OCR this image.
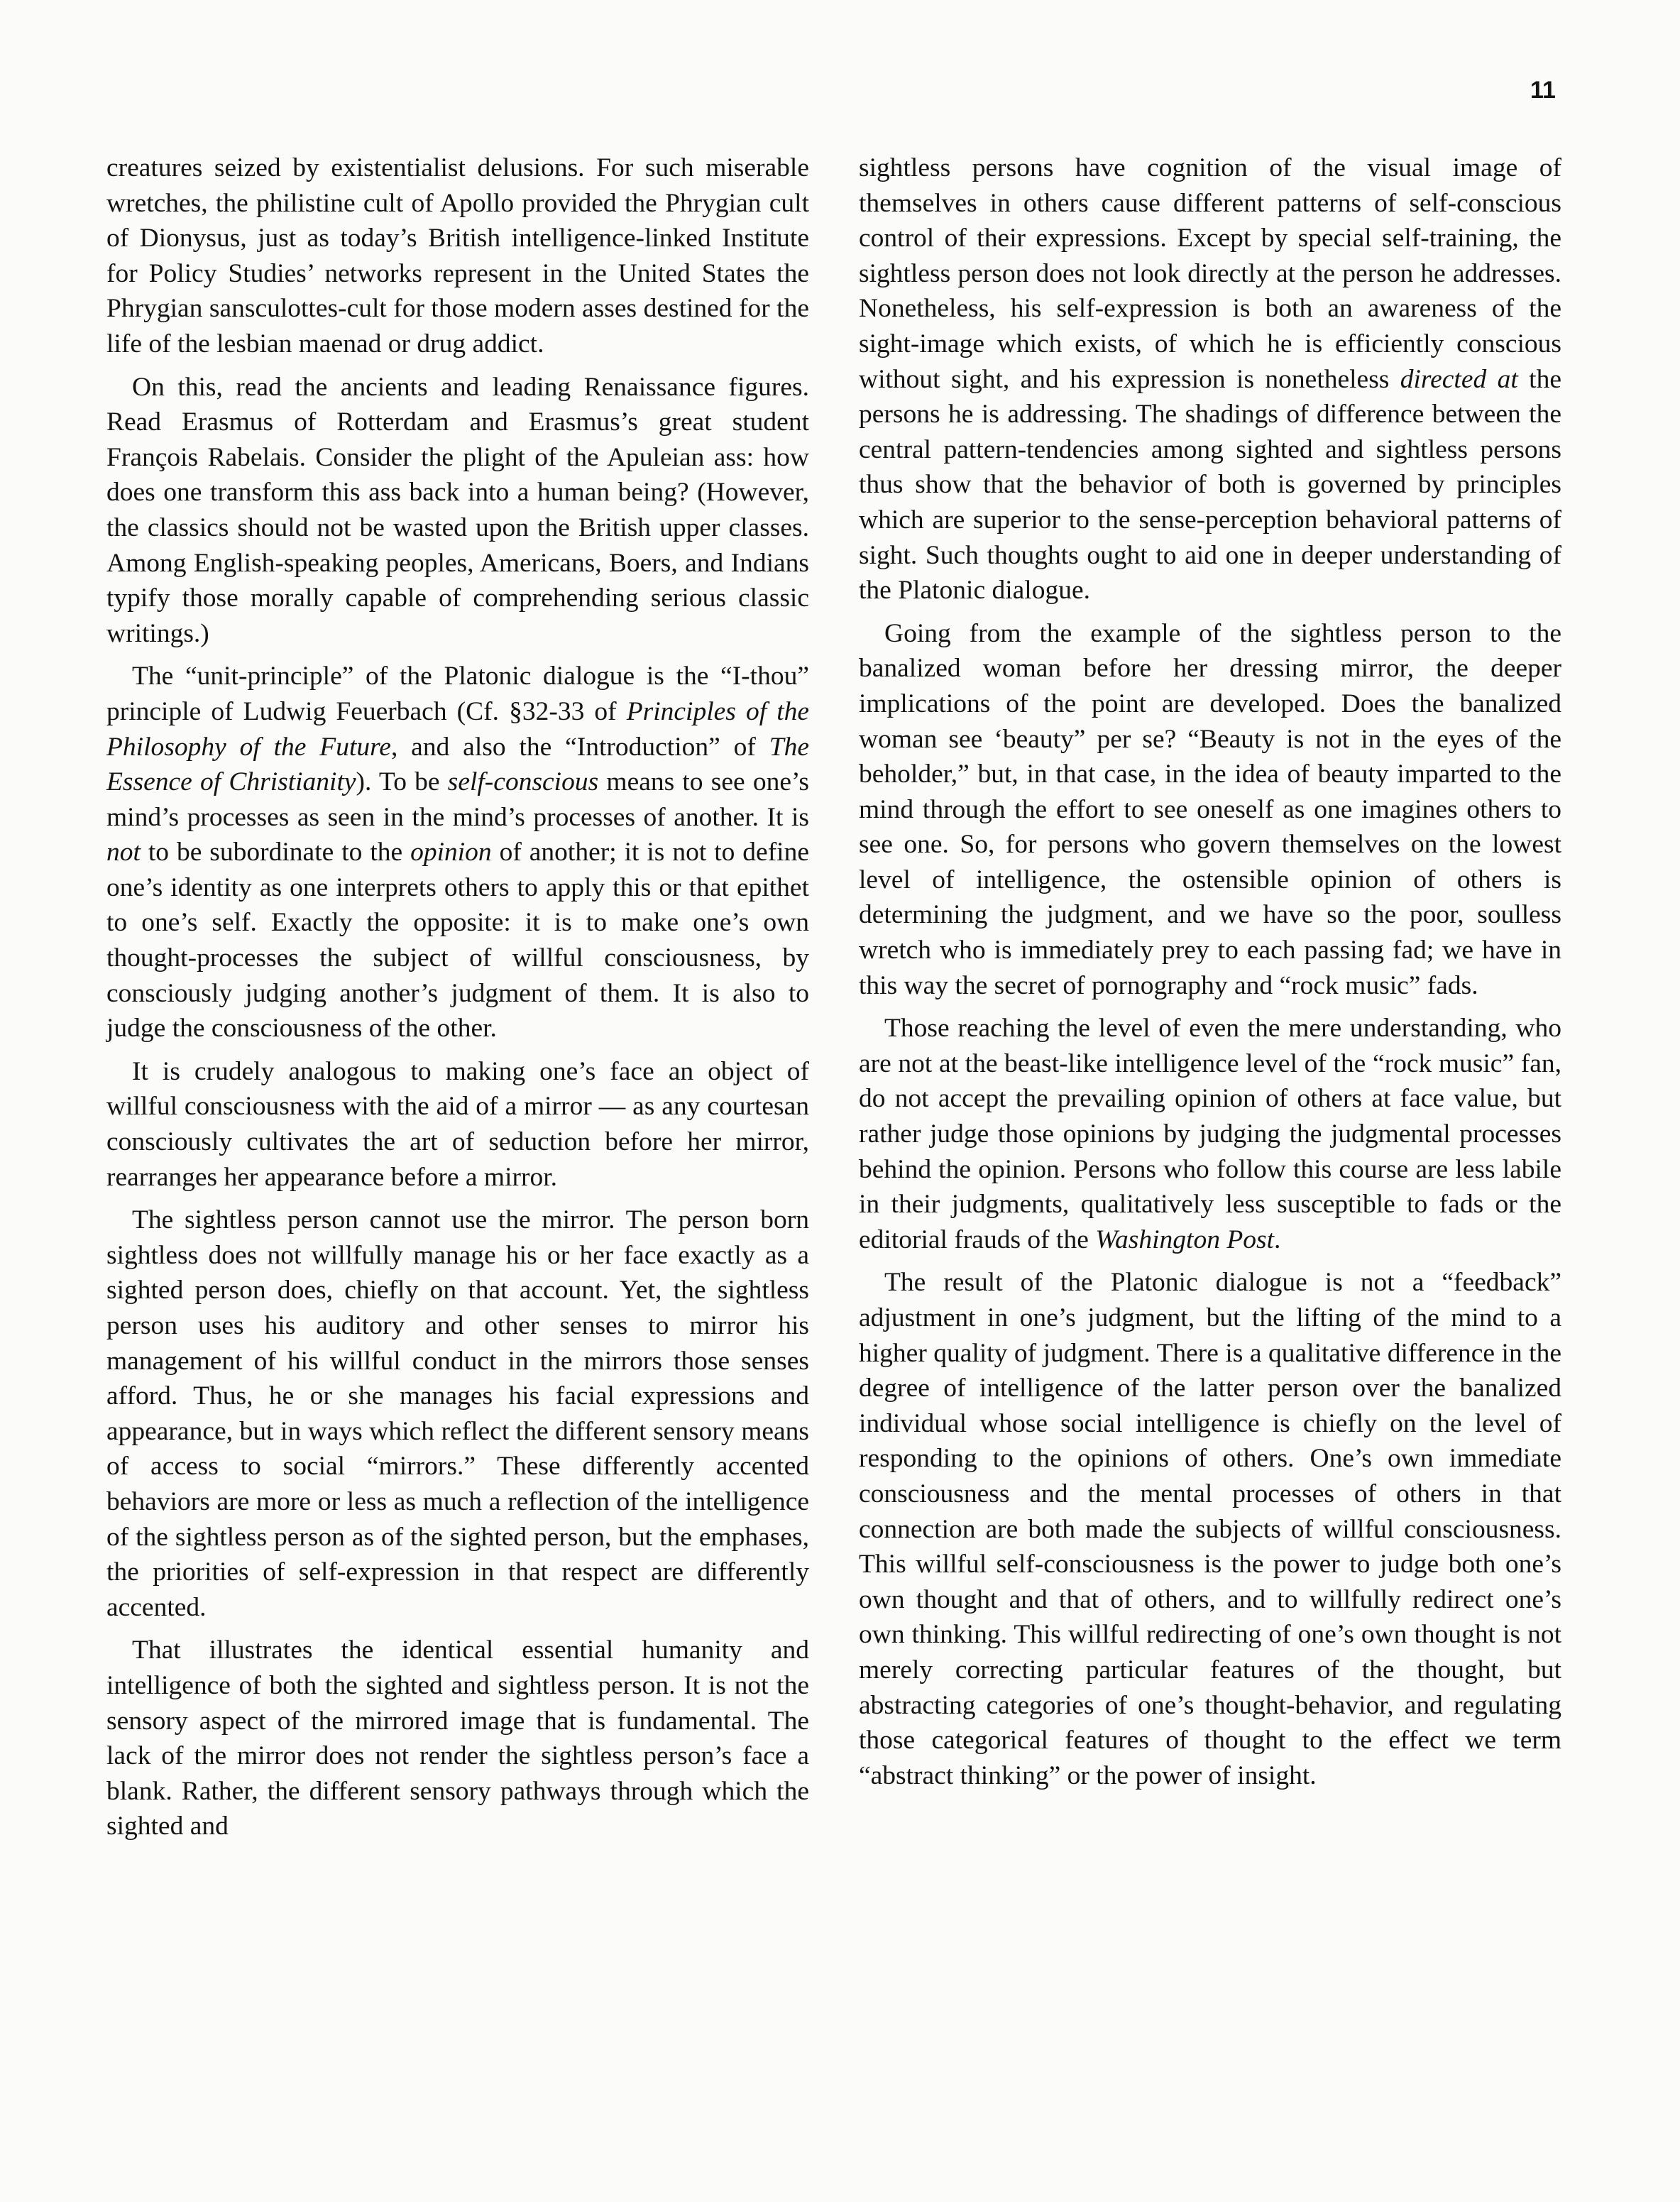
11

creatures seized by existentialist delusions. For such miserable wretches, the philistine cult of Apollo provided the Phrygian cult of Dionysus, just as today’s British intelligence-linked Institute for Policy Studies’ networks represent in the United States the Phrygian sansculottes-cult for those modern asses destined for the life of the lesbian maenad or drug addict.

On this, read the ancients and leading Renaissance figures. Read Erasmus of Rotterdam and Erasmus’s great student François Rabelais. Consider the plight of the Apuleian ass: how does one transform this ass back into a human being? (However, the classics should not be wasted upon the British upper classes. Among English-speaking peoples, Americans, Boers, and Indians typify those morally capable of comprehending serious classic writings.)

The “unit-principle” of the Platonic dialogue is the “I-thou” principle of Ludwig Feuerbach (Cf. §32-33 of Principles of the Philosophy of the Future, and also the “Introduction” of The Essence of Christianity). To be self-conscious means to see one’s mind’s processes as seen in the mind’s processes of another. It is not to be subordinate to the opinion of another; it is not to define one’s identity as one interprets others to apply this or that epithet to one’s self. Exactly the opposite: it is to make one’s own thought-processes the subject of willful consciousness, by consciously judging another’s judgment of them. It is also to judge the consciousness of the other.

It is crudely analogous to making one’s face an object of willful consciousness with the aid of a mirror — as any courtesan consciously cultivates the art of seduction before her mirror, rearranges her appearance before a mirror.

The sightless person cannot use the mirror. The person born sightless does not willfully manage his or her face exactly as a sighted person does, chiefly on that account. Yet, the sightless person uses his auditory and other senses to mirror his management of his willful conduct in the mirrors those senses afford. Thus, he or she manages his facial expressions and appearance, but in ways which reflect the different sensory means of access to social “mirrors.” These differently accented behaviors are more or less as much a reflection of the intelligence of the sightless person as of the sighted person, but the emphases, the priorities of self-expression in that respect are differently accented.

That illustrates the identical essential humanity and intelligence of both the sighted and sightless person. It is not the sensory aspect of the mirrored image that is fundamental. The lack of the mirror does not render the sightless person’s face a blank. Rather, the different sensory pathways through which the sighted and

sightless persons have cognition of the visual image of themselves in others cause different patterns of self-conscious control of their expressions. Except by special self-training, the sightless person does not look directly at the person he addresses. Nonetheless, his self-expression is both an awareness of the sight-image which exists, of which he is efficiently conscious without sight, and his expression is nonetheless directed at the persons he is addressing. The shadings of difference between the central pattern-tendencies among sighted and sightless persons thus show that the behavior of both is governed by principles which are superior to the sense-perception behavioral patterns of sight. Such thoughts ought to aid one in deeper understanding of the Platonic dialogue.

Going from the example of the sightless person to the banalized woman before her dressing mirror, the deeper implications of the point are developed. Does the banalized woman see ‘beauty” per se? “Beauty is not in the eyes of the beholder,” but, in that case, in the idea of beauty imparted to the mind through the effort to see oneself as one imagines others to see one. So, for persons who govern themselves on the lowest level of intelligence, the ostensible opinion of others is determining the judgment, and we have so the poor, soulless wretch who is immediately prey to each passing fad; we have in this way the secret of pornography and “rock music” fads.

Those reaching the level of even the mere understanding, who are not at the beast-like intelligence level of the “rock music” fan, do not accept the prevailing opinion of others at face value, but rather judge those opinions by judging the judgmental processes behind the opinion. Persons who follow this course are less labile in their judgments, qualitatively less susceptible to fads or the editorial frauds of the Washington Post.

The result of the Platonic dialogue is not a “feedback” adjustment in one’s judgment, but the lifting of the mind to a higher quality of judgment. There is a qualitative difference in the degree of intelligence of the latter person over the banalized individual whose social intelligence is chiefly on the level of responding to the opinions of others. One’s own immediate consciousness and the mental processes of others in that connection are both made the subjects of willful consciousness. This willful self-consciousness is the power to judge both one’s own thought and that of others, and to willfully redirect one’s own thinking. This willful redirecting of one’s own thought is not merely correcting particular features of the thought, but abstracting categories of one’s thought-behavior, and regulating those categorical features of thought to the effect we term “abstract thinking” or the power of insight.
